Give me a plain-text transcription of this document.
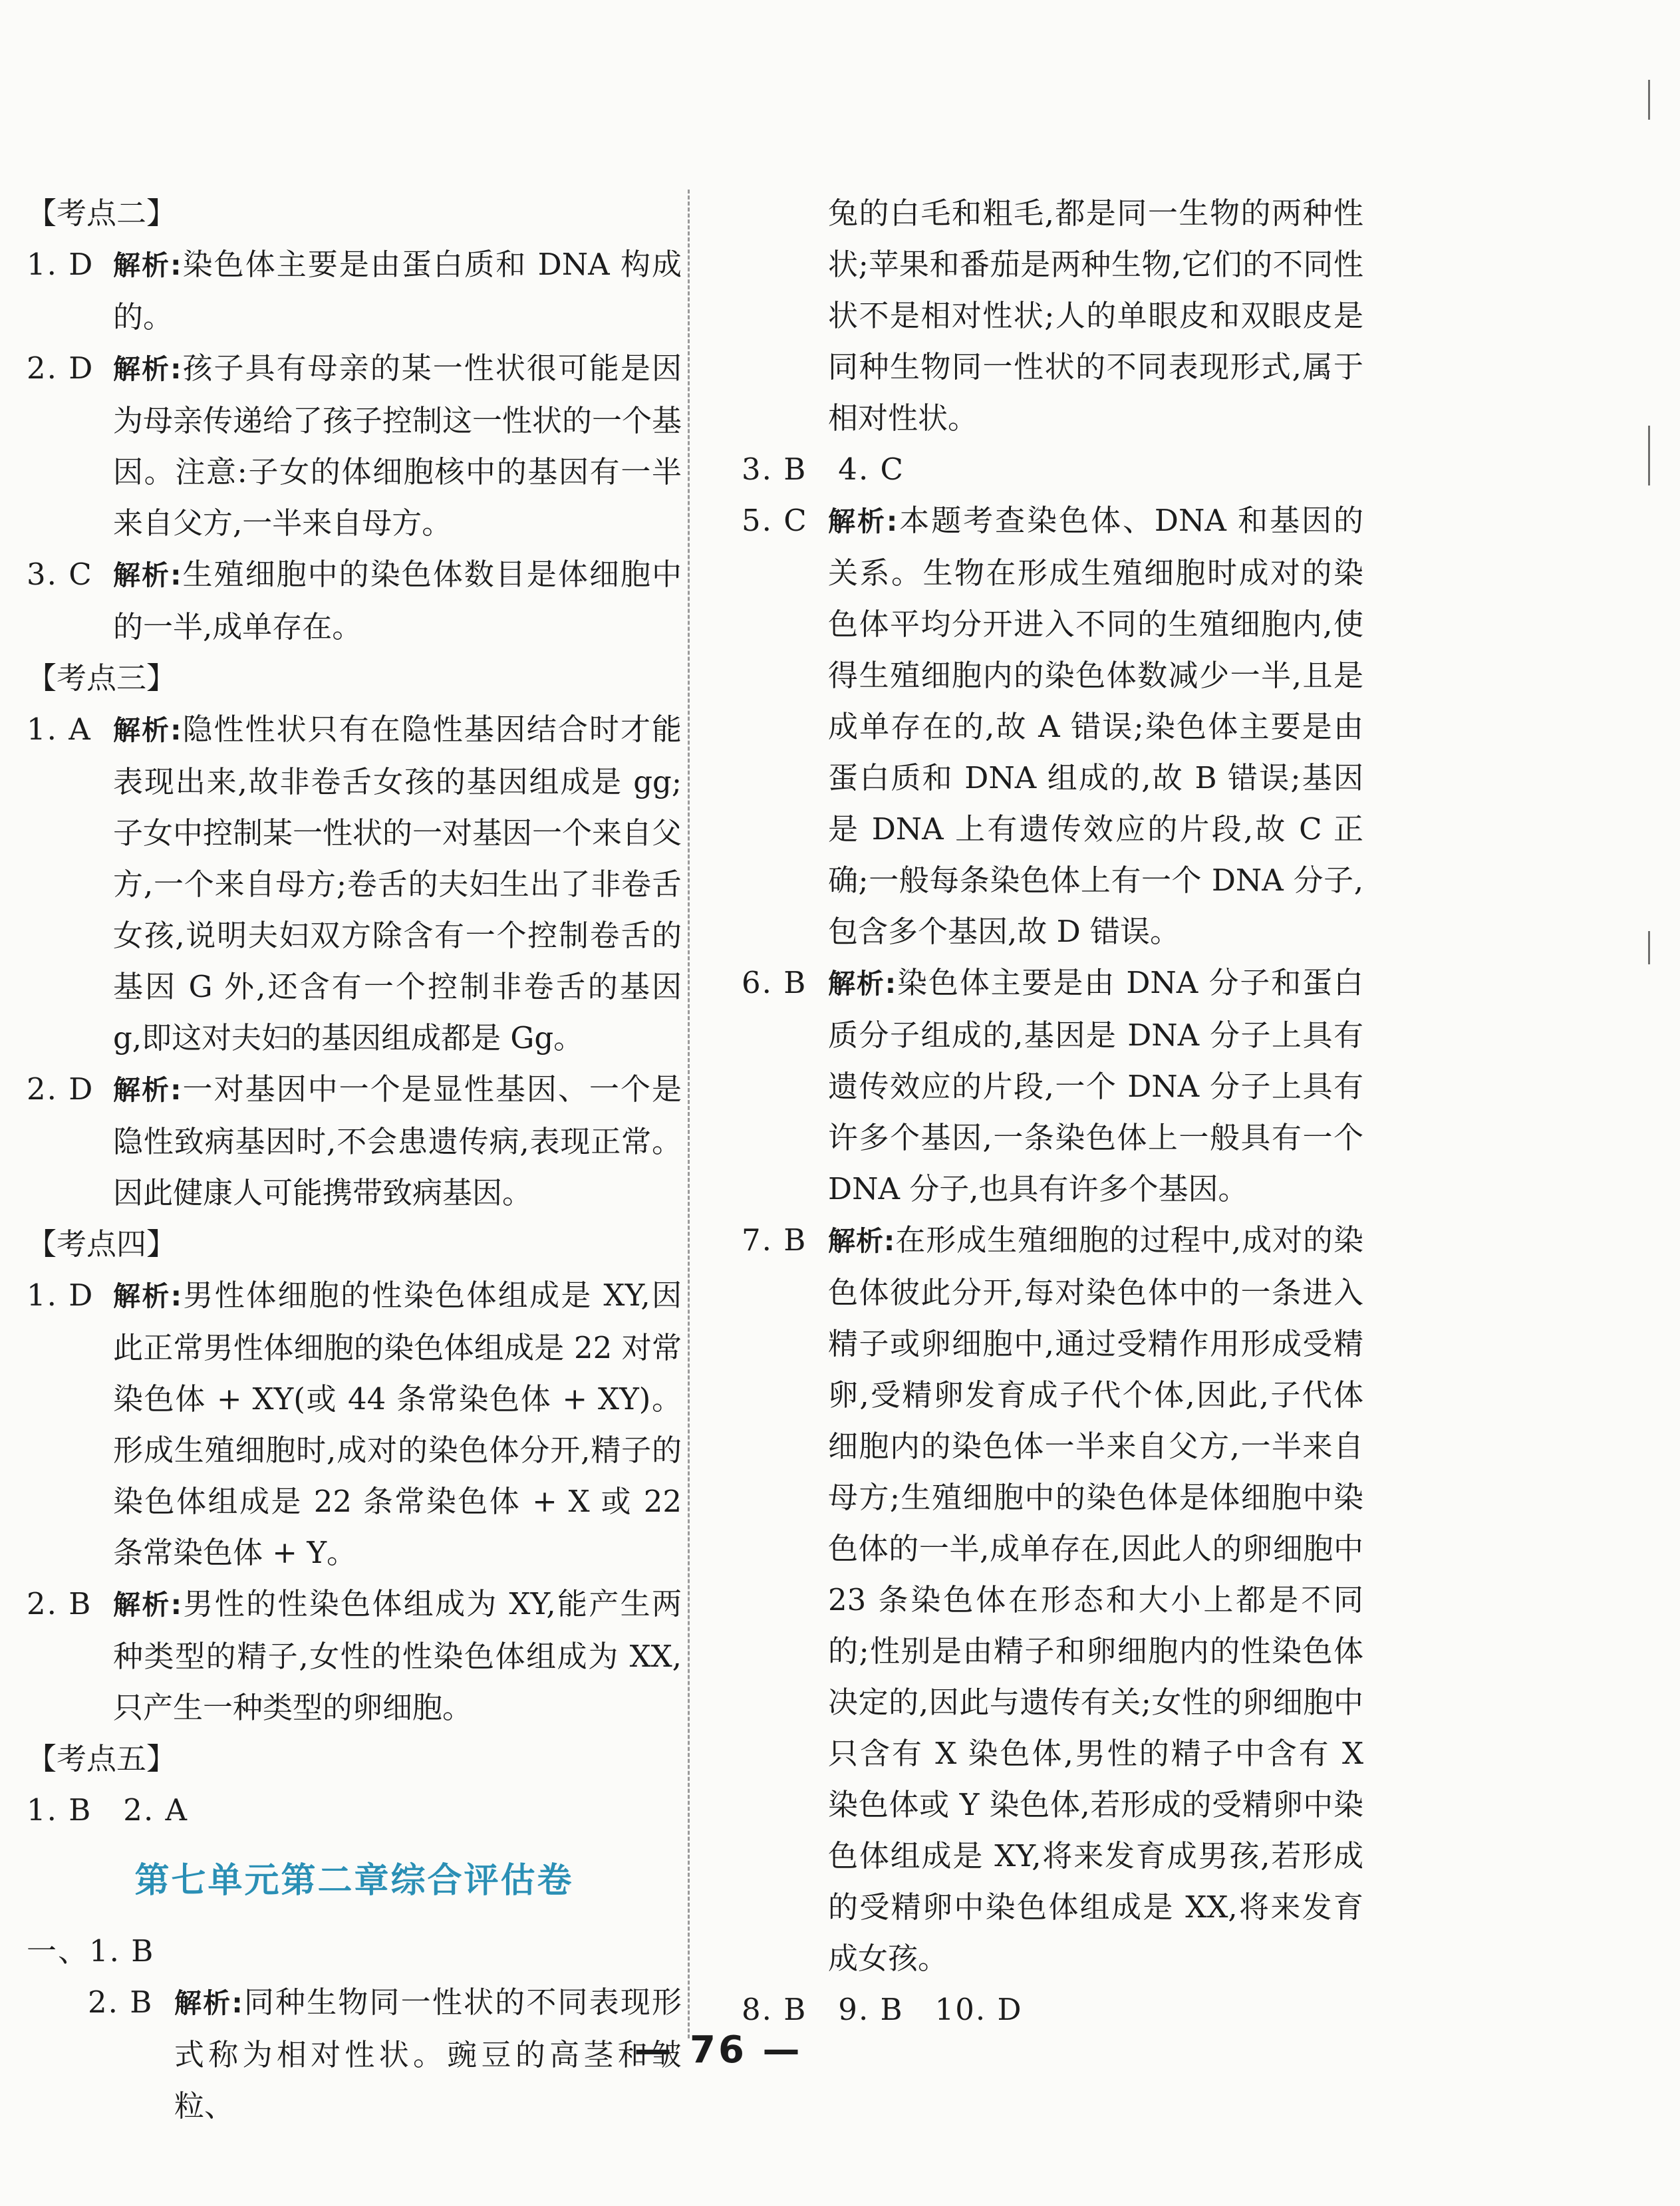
【考点二】
1. D 解析:染色体主要是由蛋白质和 DNA 构成的。
2. D 解析:孩子具有母亲的某一性状很可能是因为母亲传递给了孩子控制这一性状的一个基因。注意:子女的体细胞核中的基因有一半来自父方,一半来自母方。
3. C 解析:生殖细胞中的染色体数目是体细胞中的一半,成单存在。
【考点三】
1. A 解析:隐性性状只有在隐性基因结合时才能表现出来,故非卷舌女孩的基因组成是 gg;子女中控制某一性状的一对基因一个来自父方,一个来自母方;卷舌的夫妇生出了非卷舌女孩,说明夫妇双方除含有一个控制卷舌的基因 G 外,还含有一个控制非卷舌的基因 g,即这对夫妇的基因组成都是 Gg。
2. D 解析:一对基因中一个是显性基因、一个是隐性致病基因时,不会患遗传病,表现正常。因此健康人可能携带致病基因。
【考点四】
1. D 解析:男性体细胞的性染色体组成是 XY,因此正常男性体细胞的染色体组成是 22 对常染色体 + XY(或 44 条常染色体 + XY)。形成生殖细胞时,成对的染色体分开,精子的染色体组成是 22 条常染色体 + X 或 22 条常染色体 + Y。
2. B 解析:男性的性染色体组成为 XY,能产生两种类型的精子,女性的性染色体组成为 XX,只产生一种类型的卵细胞。
【考点五】
1. B　2. A
第七单元第二章综合评估卷
一、1. B
2. B 解析:同种生物同一性状的不同表现形式称为相对性状。豌豆的高茎和皱粒、
兔的白毛和粗毛,都是同一生物的两种性状;苹果和番茄是两种生物,它们的不同性状不是相对性状;人的单眼皮和双眼皮是同种生物同一性状的不同表现形式,属于相对性状。
3. B　4. C
5. C 解析:本题考查染色体、DNA 和基因的关系。生物在形成生殖细胞时成对的染色体平均分开进入不同的生殖细胞内,使得生殖细胞内的染色体数减少一半,且是成单存在的,故 A 错误;染色体主要是由蛋白质和 DNA 组成的,故 B 错误;基因是 DNA 上有遗传效应的片段,故 C 正确;一般每条染色体上有一个 DNA 分子,包含多个基因,故 D 错误。
6. B 解析:染色体主要是由 DNA 分子和蛋白质分子组成的,基因是 DNA 分子上具有遗传效应的片段,一个 DNA 分子上具有许多个基因,一条染色体上一般具有一个 DNA 分子,也具有许多个基因。
7. B 解析:在形成生殖细胞的过程中,成对的染色体彼此分开,每对染色体中的一条进入精子或卵细胞中,通过受精作用形成受精卵,受精卵发育成子代个体,因此,子代体细胞内的染色体一半来自父方,一半来自母方;生殖细胞中的染色体是体细胞中染色体的一半,成单存在,因此人的卵细胞中 23 条染色体在形态和大小上都是不同的;性别是由精子和卵细胞内的性染色体决定的,因此与遗传有关;女性的卵细胞中只含有 X 染色体,男性的精子中含有 X 染色体或 Y 染色体,若形成的受精卵中染色体组成是 XY,将来发育成男孩,若形成的受精卵中染色体组成是 XX,将来发育成女孩。
8. B　9. B　10. D
— 76 —
